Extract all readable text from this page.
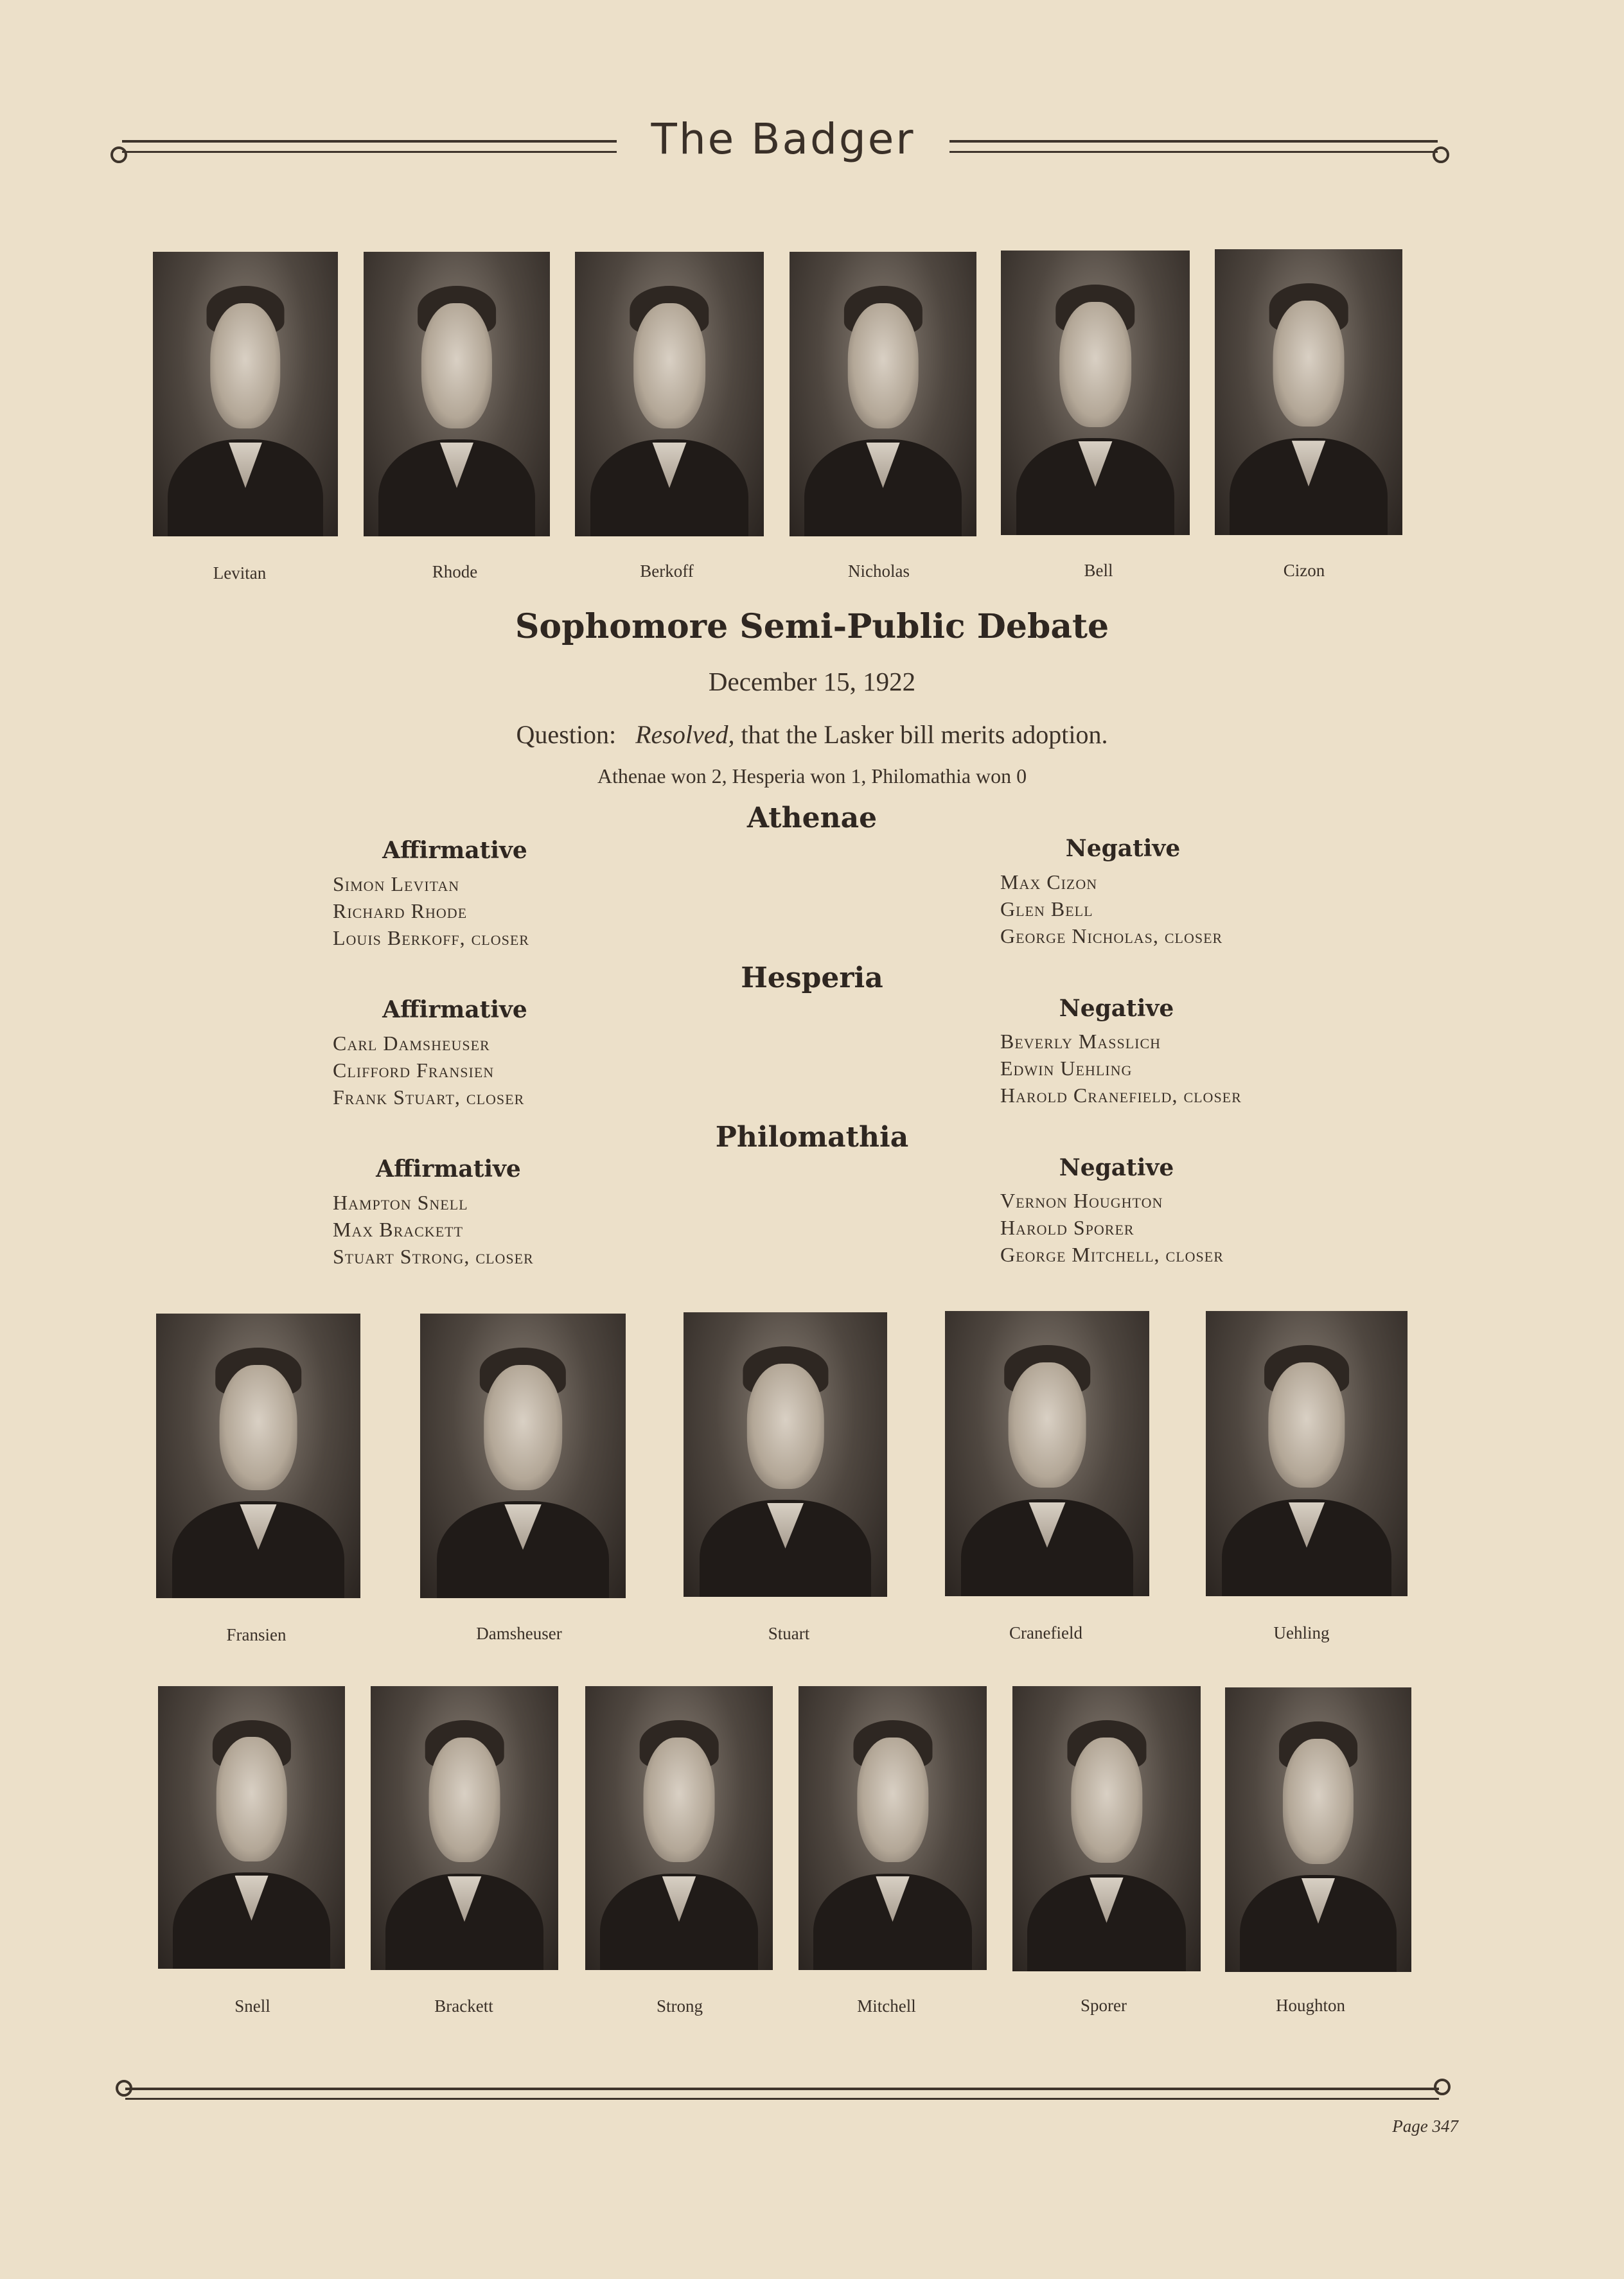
The Badger
Levitan	Rhode	Berkoff	Nicholas	Bell	Cizon
Sophomore Semi-Public Debate
December 15, 1922
Question: Resolved, that the Lasker bill merits adoption.
Athenae won 2, Hesperia won 1, Philomathia won 0
Athenae
Affirmative	Negative
Simon Levitan
Richard Rhode
Louis Berkoff, closer
Max Cizon
Glen Bell
George Nicholas, closer
Hesperia
Affirmative	Negative
Carl Damsheuser
Clifford Fransien
Frank Stuart, closer
Beverly Masslich
Edwin Uehling
Harold Cranefield, closer
Philomathia
Affirmative	Negative
Hampton Snell
Max Brackett
Stuart Strong, closer
Vernon Houghton
Harold Sporer
George Mitchell, closer
Fransien	Damsheuser	Stuart	Cranefield	Uehling
Snell	Brackett	Strong	Mitchell	Sporer	Houghton
Page 347
